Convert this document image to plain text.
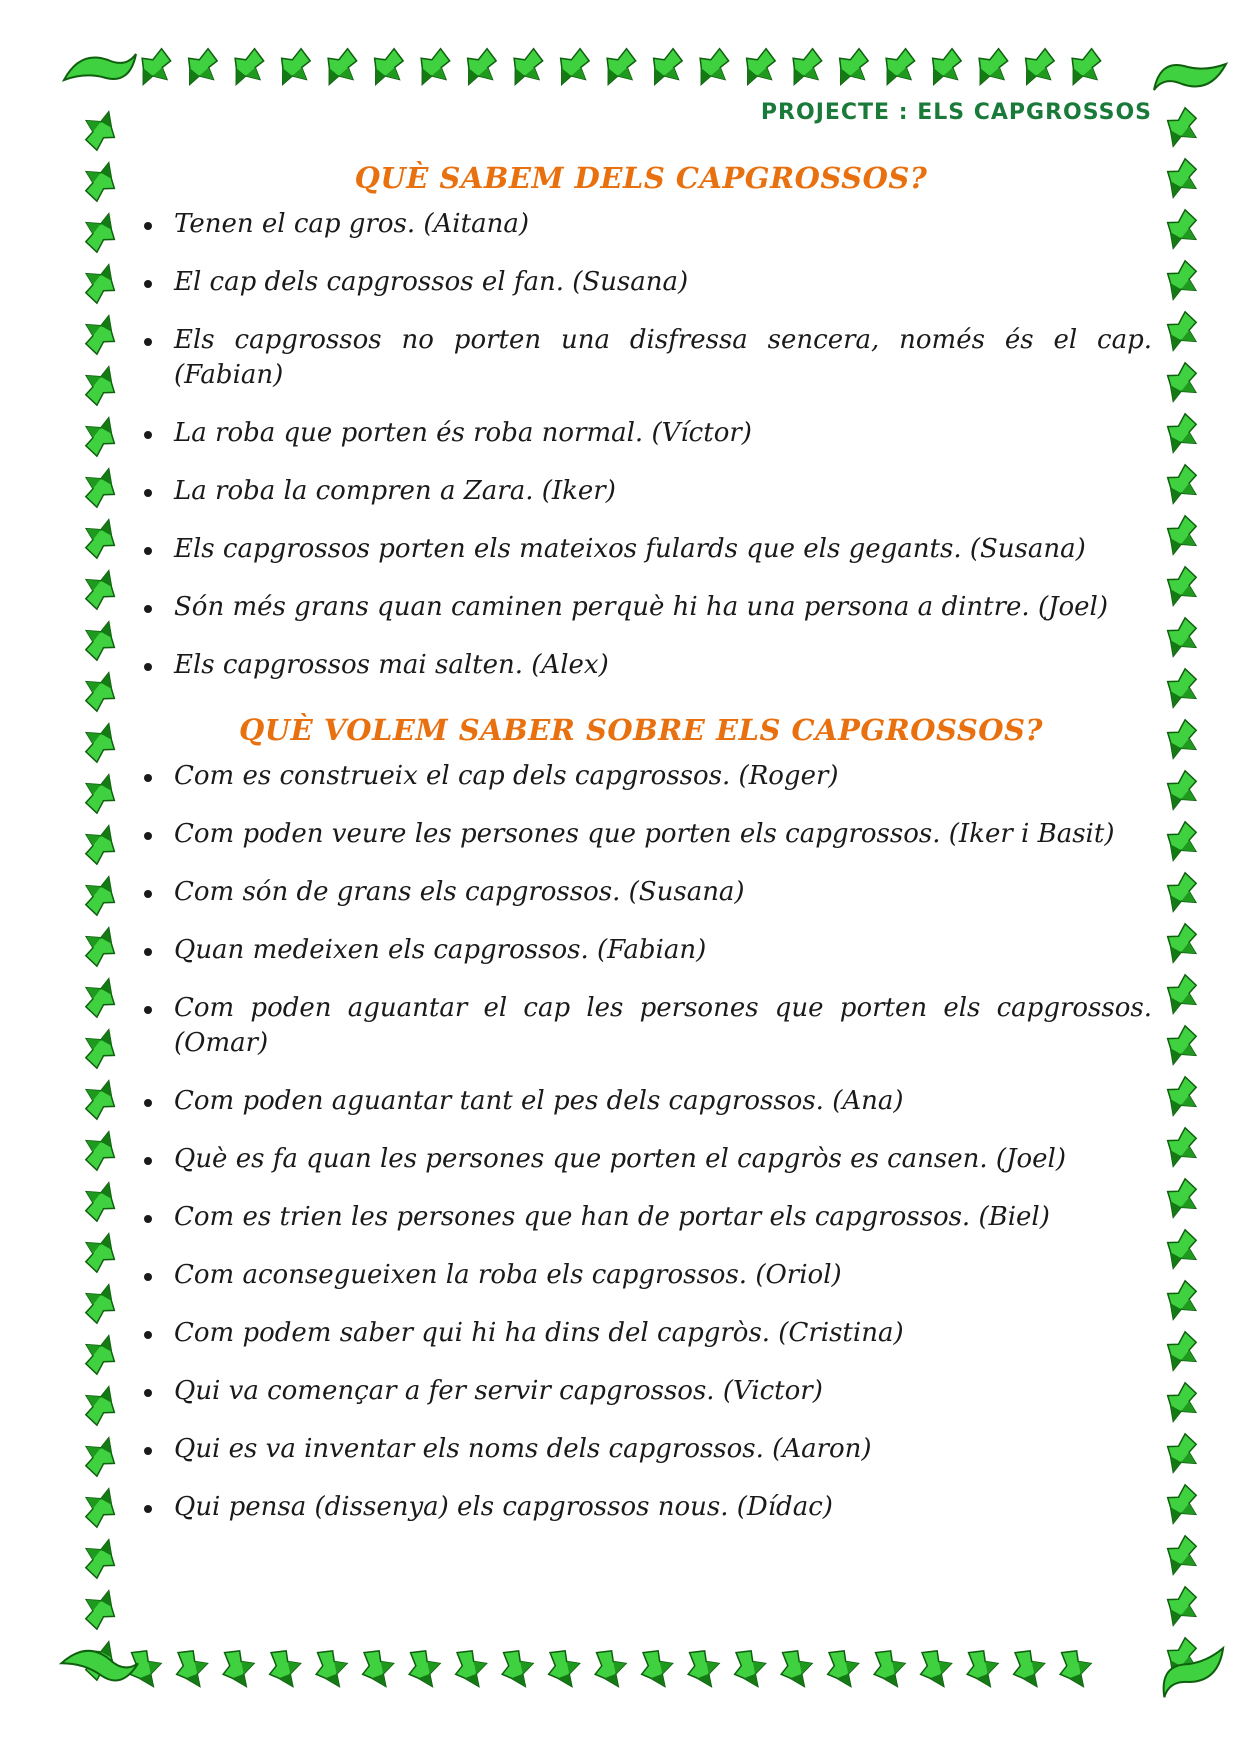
PROJECTE : ELS CAPGROSSOS
QUÈ SABEM DELS CAPGROSSOS?
Tenen el cap gros. (Aitana)
El cap dels capgrossos el fan. (Susana)
Els capgrossos no porten una disfressa sencera, només és el cap. (Fabian)
La roba que porten és roba normal. (Víctor)
La roba la compren a Zara. (Iker)
Els capgrossos porten els mateixos fulards que els gegants. (Susana)
Són més grans quan caminen perquè hi ha una persona a dintre. (Joel)
Els capgrossos mai salten. (Alex)
QUÈ VOLEM SABER SOBRE ELS CAPGROSSOS?
Com es construeix el cap dels capgrossos. (Roger)
Com poden veure les persones que porten els capgrossos. (Iker i Basit)
Com són de grans els capgrossos. (Susana)
Quan medeixen els capgrossos. (Fabian)
Com poden aguantar el cap les persones que porten els capgrossos. (Omar)
Com poden aguantar tant el pes dels capgrossos. (Ana)
Què es fa quan les persones que porten el capgròs es cansen. (Joel)
Com es trien les persones que han de portar els capgrossos. (Biel)
Com aconsegueixen la roba els capgrossos. (Oriol)
Com podem saber qui hi ha dins del capgròs. (Cristina)
Qui va començar a fer servir capgrossos. (Victor)
Qui es va inventar els noms dels capgrossos. (Aaron)
Qui pensa (dissenya) els capgrossos nous. (Dídac)
